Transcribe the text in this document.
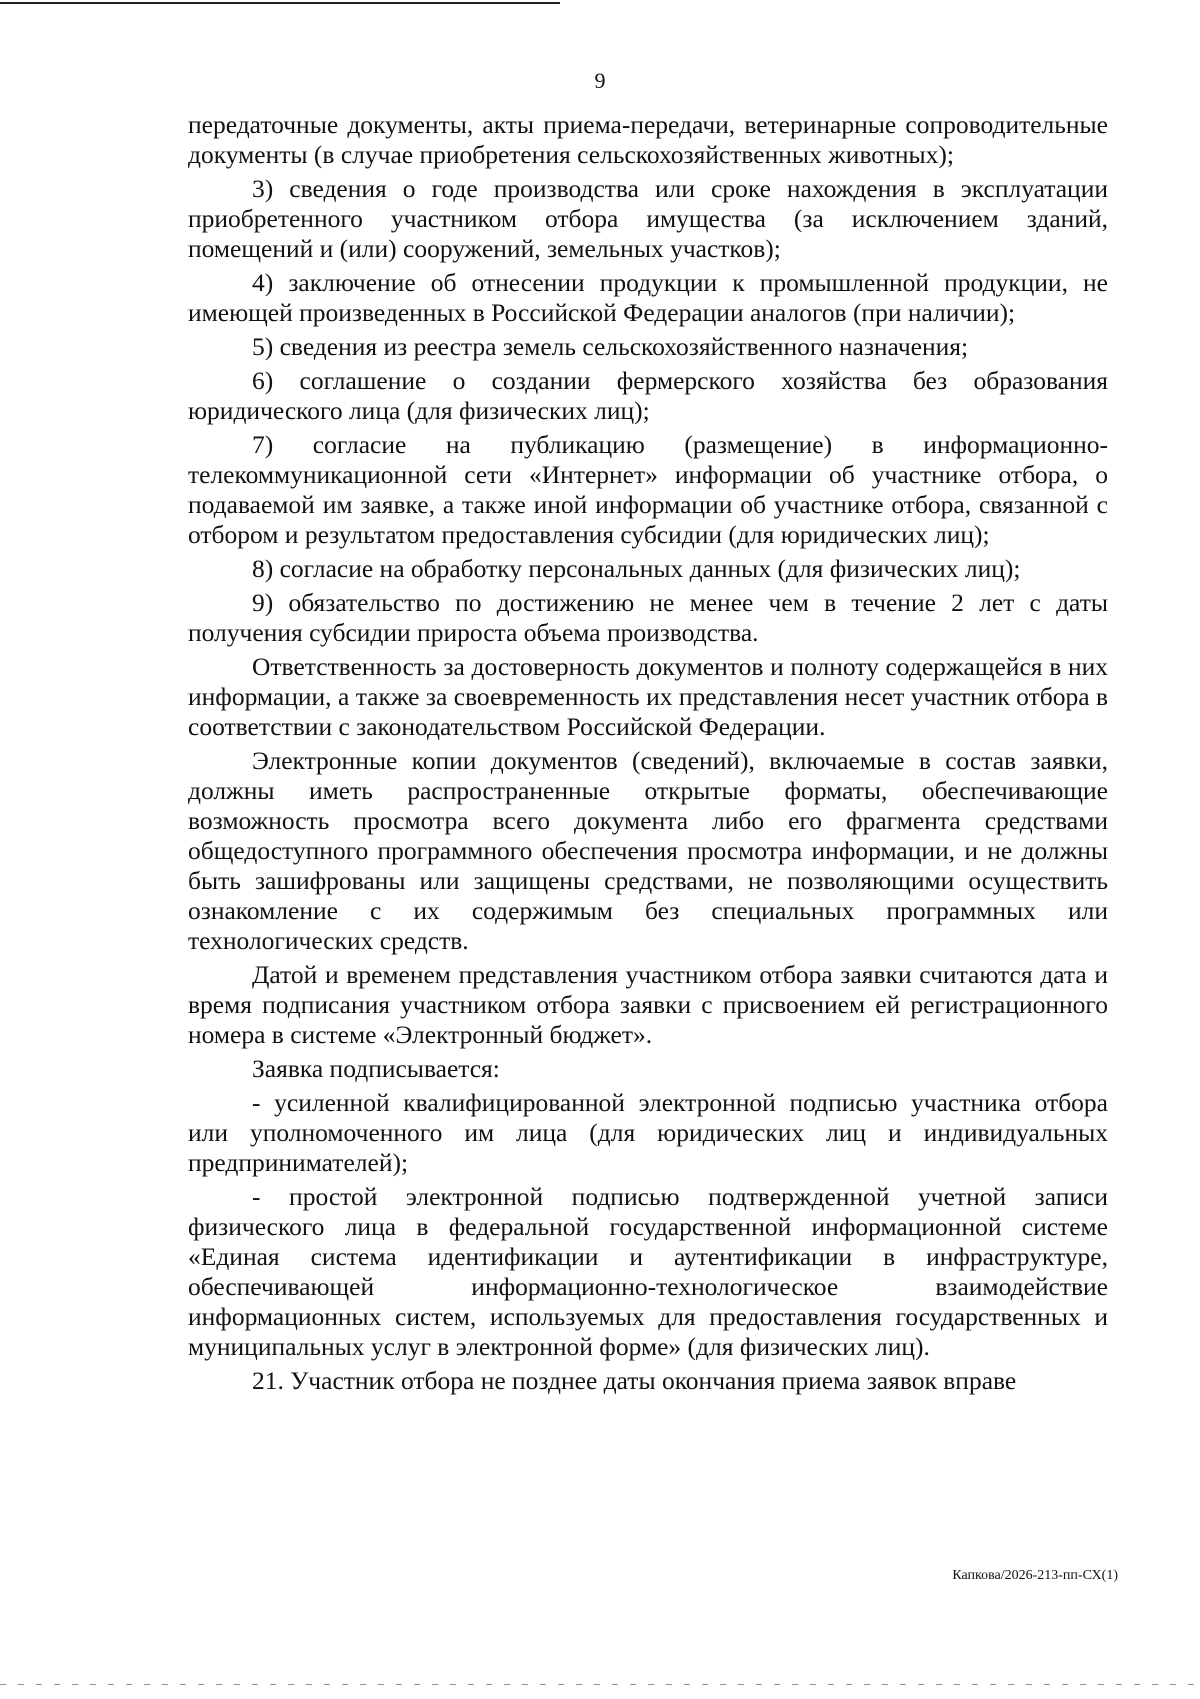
9

передаточные документы, акты приема-передачи, ветеринарные сопроводительные документы (в случае приобретения сельскохозяйственных животных);

3) сведения о годе производства или сроке нахождения в эксплуатации приобретенного участником отбора имущества (за исключением зданий, помещений и (или) сооружений, земельных участков);

4) заключение об отнесении продукции к промышленной продукции, не имеющей произведенных в Российской Федерации аналогов (при наличии);

5) сведения из реестра земель сельскохозяйственного назначения;

6) соглашение о создании фермерского хозяйства без образования юридического лица (для физических лиц);

7) согласие на публикацию (размещение) в информационно-телекоммуникационной сети «Интернет» информации об участнике отбора, о подаваемой им заявке, а также иной информации об участнике отбора, связанной с отбором и результатом предоставления субсидии (для юридических лиц);

8) согласие на обработку персональных данных (для физических лиц);

9) обязательство по достижению не менее чем в течение 2 лет с даты получения субсидии прироста объема производства.

Ответственность за достоверность документов и полноту содержащейся в них информации, а также за своевременность их представления несет участник отбора в соответствии с законодательством Российской Федерации.

Электронные копии документов (сведений), включаемые в состав заявки, должны иметь распространенные открытые форматы, обеспечивающие возможность просмотра всего документа либо его фрагмента средствами общедоступного программного обеспечения просмотра информации, и не должны быть зашифрованы или защищены средствами, не позволяющими осуществить ознакомление с их содержимым без специальных программных или технологических средств.

Датой и временем представления участником отбора заявки считаются дата и время подписания участником отбора заявки с присвоением ей регистрационного номера в системе «Электронный бюджет».

Заявка подписывается:

- усиленной квалифицированной электронной подписью участника отбора или уполномоченного им лица (для юридических лиц и индивидуальных предпринимателей);

- простой электронной подписью подтвержденной учетной записи физического лица в федеральной государственной информационной системе «Единая система идентификации и аутентификации в инфраструктуре, обеспечивающей информационно-технологическое взаимодействие информационных систем, используемых для предоставления государственных и муниципальных услуг в электронной форме» (для физических лиц).

21. Участник отбора не позднее даты окончания приема заявок вправе

Капкова/2026-213-пп-СХ(1)
